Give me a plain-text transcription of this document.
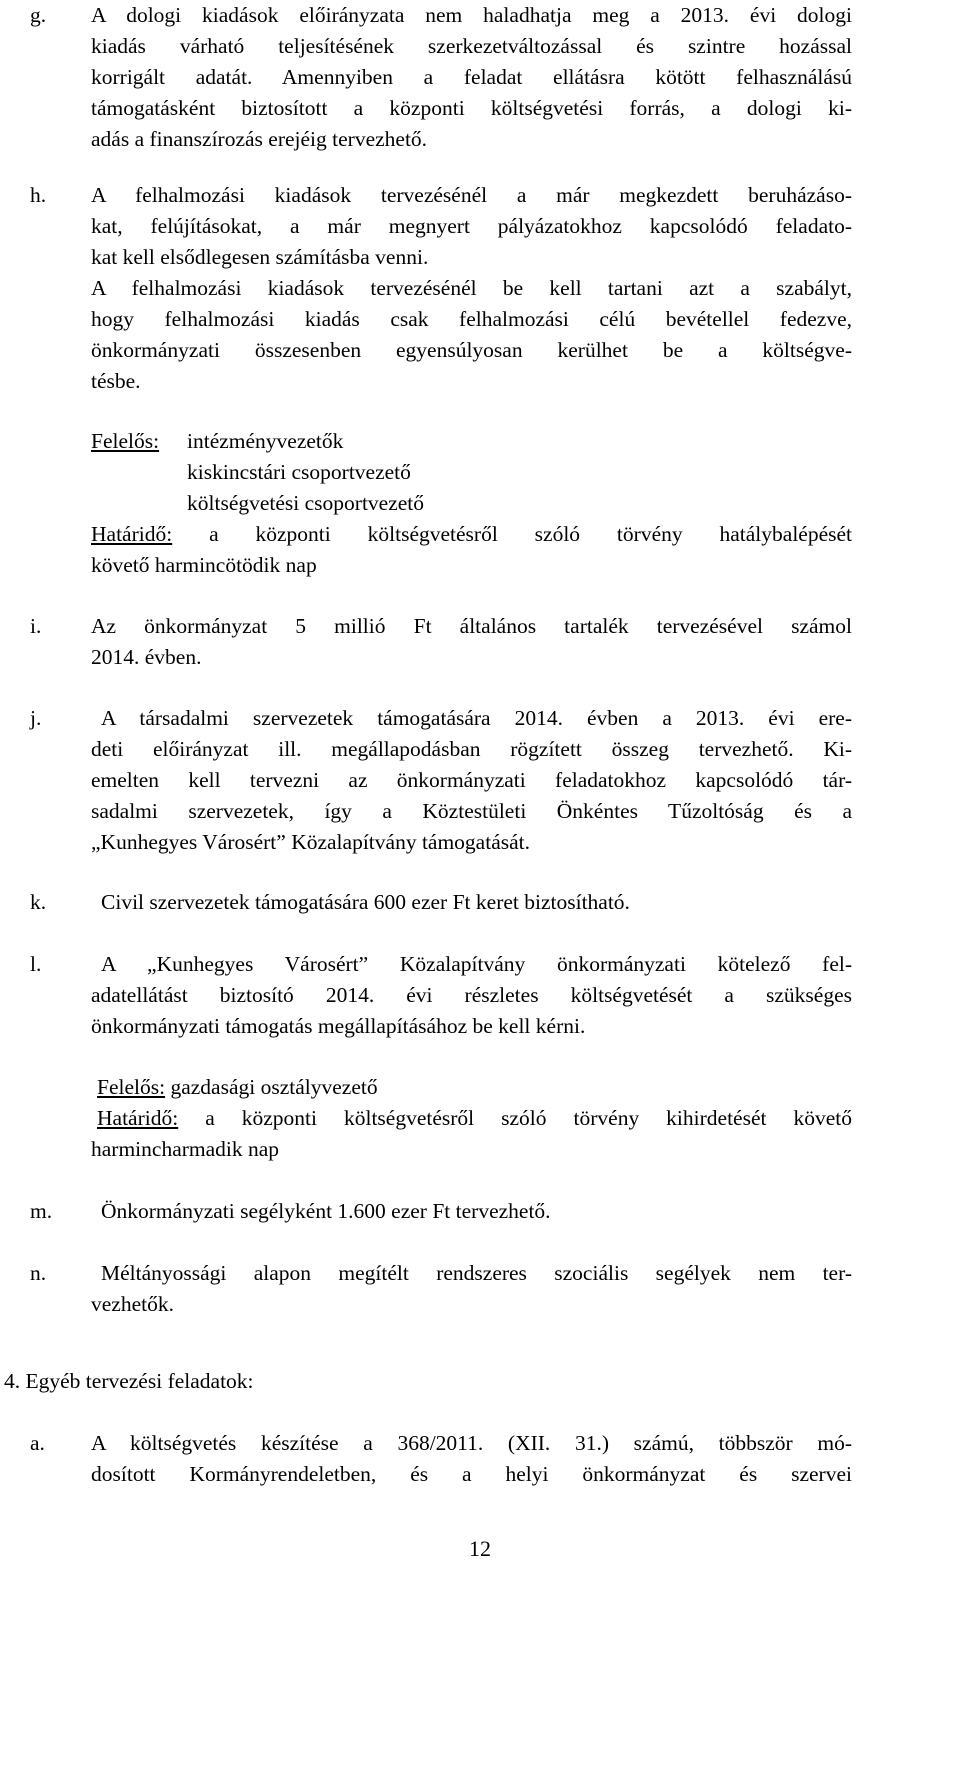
g. A dologi kiadások előirányzata nem haladhatja meg a 2013. évi dologi
kiadás várható teljesítésének szerkezetváltozással és szintre hozással
korrigált adatát. Amennyiben a feladat ellátásra kötött felhasználású
támogatásként biztosított a központi költségvetési forrás, a dologi ki-
adás a finanszírozás erejéig tervezhető.
h. A felhalmozási kiadások tervezésénél a már megkezdett beruházáso-
kat, felújításokat, a már megnyert pályázatokhoz kapcsolódó feladato-
kat kell elsődlegesen számításba venni.
A felhalmozási kiadások tervezésénél be kell tartani azt a szabályt,
hogy felhalmozási kiadás csak felhalmozási célú bevétellel fedezve,
önkormányzati összesenben egyensúlyosan kerülhet be a költségve-
tésbe.
Felelős: intézményvezetők
kiskincstári csoportvezető
költségvetési csoportvezető
Határidő: a központi költségvetésről szóló törvény hatálybalépését
követő harmincötödik nap
i. Az önkormányzat 5 millió Ft általános tartalék tervezésével számol
2014. évben.
j.	A társadalmi szervezetek támogatására 2014. évben a 2013. évi ere-
deti előirányzat ill. megállapodásban rögzített összeg tervezhető. Ki-
emelten kell tervezni az önkormányzati feladatokhoz kapcsolódó tár-
sadalmi szervezetek, így a Köztestületi Önkéntes Tűzoltóság és a
„Kunhegyes Városért” Közalapítvány támogatását.
k.	Civil szervezetek támogatására 600 ezer Ft keret biztosítható.
l.	A „Kunhegyes Városért” Közalapítvány önkormányzati kötelező fel-
adatellátást biztosító 2014. évi részletes költségvetését a szükséges
önkormányzati támogatás megállapításához be kell kérni.
Felelős: gazdasági osztályvezető
Határidő: a központi költségvetésről szóló törvény kihirdetését követő
harmincharmadik nap
m. Önkormányzati segélyként 1.600 ezer Ft tervezhető.
n.	Méltányossági alapon megítélt rendszeres szociális segélyek nem ter-
vezhetők.
4. Egyéb tervezési feladatok:
a. A költségvetés készítése a 368/2011. (XII. 31.) számú, többször mó-
dosított Kormányrendeletben, és a helyi önkormányzat és szervei
12
